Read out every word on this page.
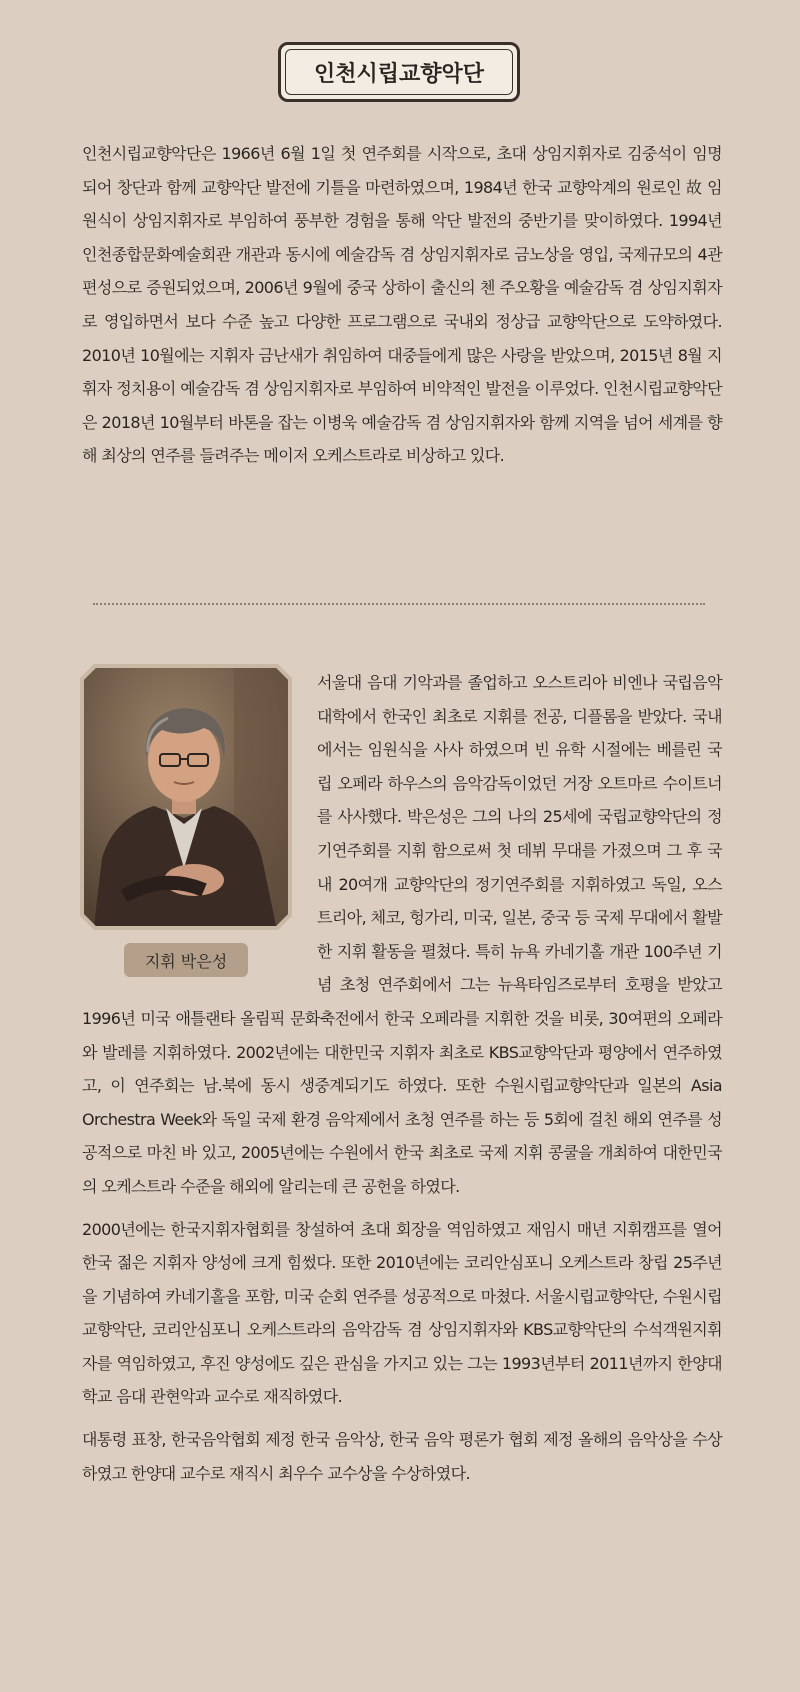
인천시립교향악단

인천시립교향악단은 1966년 6월 1일 첫 연주회를 시작으로, 초대 상임지휘자로 김중석이 임명되어 창단과 함께 교향악단 발전에 기틀을 마련하였으며, 1984년 한국 교향악계의 원로인 故 임원식이 상임지휘자로 부임하여 풍부한 경험을 통해 악단 발전의 중반기를 맞이하였다. 1994년 인천종합문화예술회관 개관과 동시에 예술감독 겸 상임지휘자로 금노상을 영입, 국제규모의 4관 편성으로 증원되었으며, 2006년 9월에 중국 상하이 출신의 첸 주오황을 예술감독 겸 상임지휘자로 영입하면서 보다 수준 높고 다양한 프로그램으로 국내외 정상급 교향악단으로 도약하였다. 2010년 10월에는 지휘자 금난새가 취임하여 대중들에게 많은 사랑을 받았으며, 2015년 8월 지휘자 정치용이 예술감독 겸 상임지휘자로 부임하여 비약적인 발전을 이루었다. 인천시립교향악단은 2018년 10월부터 바톤을 잡는 이병욱 예술감독 겸 상임지휘자와 함께 지역을 넘어 세계를 향해 최상의 연주를 들려주는 메이저 오케스트라로 비상하고 있다.

지휘 박은성

서울대 음대 기악과를 졸업하고 오스트리아 비엔나 국립음악대학에서 한국인 최초로 지휘를 전공, 디플롬을 받았다. 국내에서는 임원식을 사사 하였으며 빈 유학 시절에는 베를린 국립 오페라 하우스의 음악감독이었던 거장 오트마르 수이트너를 사사했다. 박은성은 그의 나의 25세에 국립교향악단의 정기연주회를 지휘 함으로써 첫 데뷔 무대를 가졌으며 그 후 국내 20여개 교향악단의 정기연주회를 지휘하였고 독일, 오스트리아, 체코, 헝가리, 미국, 일본, 중국 등 국제 무대에서 활발한 지휘 활동을 펼쳤다. 특히 뉴욕 카네기홀 개관 100주년 기념 초청 연주회에서 그는 뉴욕타임즈로부터 호평을 받았고 1996년 미국 애틀랜타 올림픽 문화축전에서 한국 오페라를 지휘한 것을 비롯, 30여편의 오페라와 발레를 지휘하였다. 2002년에는 대한민국 지휘자 최초로 KBS교향악단과 평양에서 연주하였고, 이 연주회는 남.북에 동시 생중계되기도 하였다. 또한 수원시립교향악단과 일본의 Asia Orchestra Week와 독일 국제 환경 음악제에서 초청 연주를 하는 등 5회에 걸친 해외 연주를 성공적으로 마친 바 있고, 2005년에는 수원에서 한국 최초로 국제 지휘 콩쿨을 개최하여 대한민국의 오케스트라 수준을 해외에 알리는데 큰 공헌을 하였다.

2000년에는 한국지휘자협회를 창설하여 초대 회장을 역임하였고 재임시 매년 지휘캠프를 열어 한국 젊은 지휘자 양성에 크게 힘썼다. 또한 2010년에는 코리안심포니 오케스트라 창립 25주년을 기념하여 카네기홀을 포함, 미국 순회 연주를 성공적으로 마쳤다. 서울시립교향악단, 수원시립교향악단, 코리안심포니 오케스트라의 음악감독 겸 상임지휘자와 KBS교향악단의 수석객원지휘자를 역임하였고, 후진 양성에도 깊은 관심을 가지고 있는 그는 1993년부터 2011년까지 한양대학교 음대 관현악과 교수로 재직하였다.

대통령 표창, 한국음악협회 제정 한국 음악상, 한국 음악 평론가 협회 제정 올해의 음악상을 수상하였고 한양대 교수로 재직시 최우수 교수상을 수상하였다.
